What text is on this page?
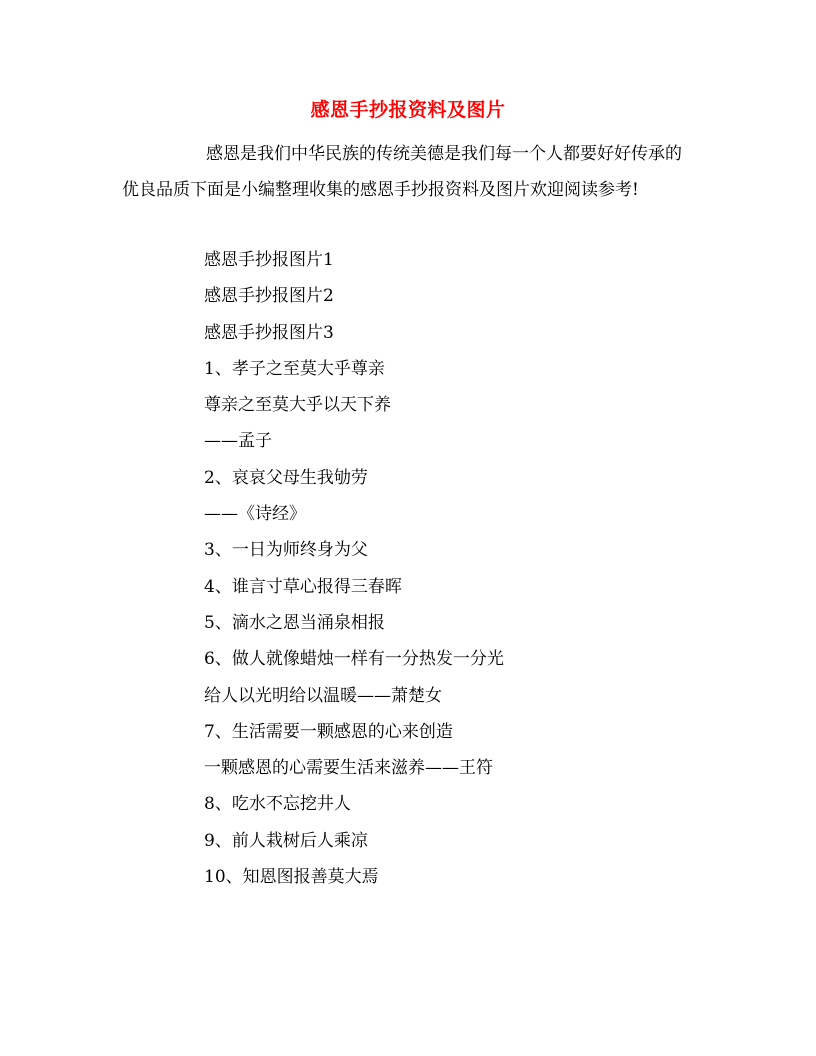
感恩手抄报资料及图片

感恩是我们中华民族的传统美德是我们每一个人都要好好传承的优良品质下面是小编整理收集的感恩手抄报资料及图片欢迎阅读参考!

感恩手抄报图片1
感恩手抄报图片2
感恩手抄报图片3
1、孝子之至莫大乎尊亲
尊亲之至莫大乎以天下养
——孟子
2、哀哀父母生我劬劳
——《诗经》
3、一日为师终身为父
4、谁言寸草心报得三春晖
5、滴水之恩当涌泉相报
6、做人就像蜡烛一样有一分热发一分光
给人以光明给以温暖——萧楚女
7、生活需要一颗感恩的心来创造
一颗感恩的心需要生活来滋养——王符
8、吃水不忘挖井人
9、前人栽树后人乘凉
10、知恩图报善莫大焉
